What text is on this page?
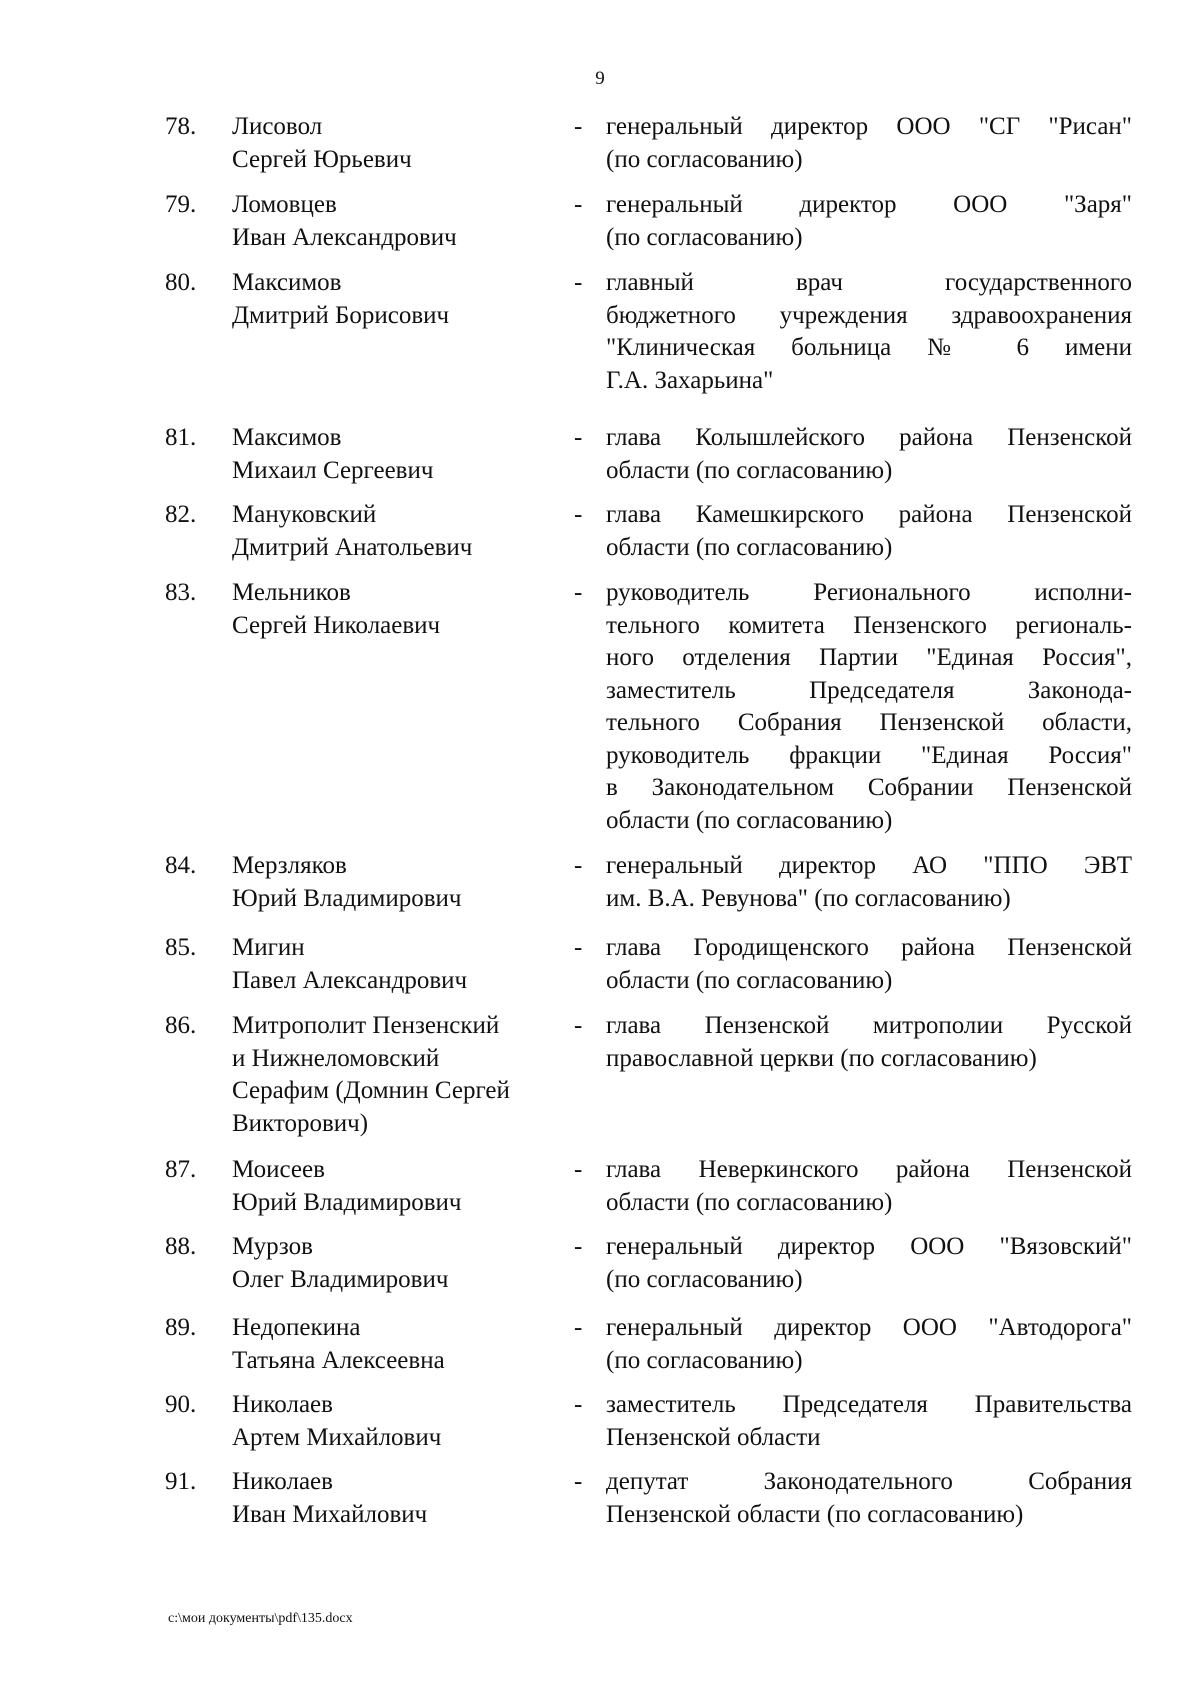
9
78.	Лисовол
Сергей Юрьевич
- генеральный директор ООО "СГ "Рисан"
(по согласованию)
79.	Ломовцев
Иван Александрович
- генеральный директор ООО "Заря"
(по согласованию)
80.	Максимов
Дмитрий Борисович
- главный врач государственного
бюджетного учреждения здравоохранения
"Клиническая больница № 6 имени
Г.А. Захарьина"
81.	Максимов
Михаил Сергеевич
- глава Колышлейского района Пензенской
области (по согласованию)
82.	Мануковский
Дмитрий Анатольевич
- глава Камешкирского района Пензенской
области (по согласованию)
83.	Мельников
Сергей Николаевич
- руководитель Регионального исполни-
тельного комитета Пензенского региональ-
ного отделения Партии "Единая Россия",
заместитель Председателя Законода-
тельного Собрания Пензенской области,
руководитель фракции "Единая Россия"
в Законодательном Собрании Пензенской
области (по согласованию)
84.	Мерзляков
Юрий Владимирович
- генеральный директор АО "ППО ЭВТ
им. В.А. Ревунова" (по согласованию)
85.	Мигин
Павел Александрович
- глава Городищенского района Пензенской
области (по согласованию)
86.	Митрополит Пензенский
и Нижнеломовский
Серафим (Домнин Сергей
Викторович)
- глава Пензенской митрополии Русской
православной церкви (по согласованию)
87.	Моисеев
Юрий Владимирович
- глава Неверкинского района Пензенской
области (по согласованию)
88.	Мурзов
Олег Владимирович
- генеральный директор ООО "Вязовский"
(по согласованию)
89.	Недопекина
Татьяна Алексеевна
- генеральный директор ООО "Автодорога"
(по согласованию)
90.	Николаев
Артем Михайлович
- заместитель Председателя Правительства
Пензенской области
91.	Николаев
Иван Михайлович
- депутат Законодательного Собрания
Пензенской области (по согласованию)
c:\мои документы\pdf\135.docx
